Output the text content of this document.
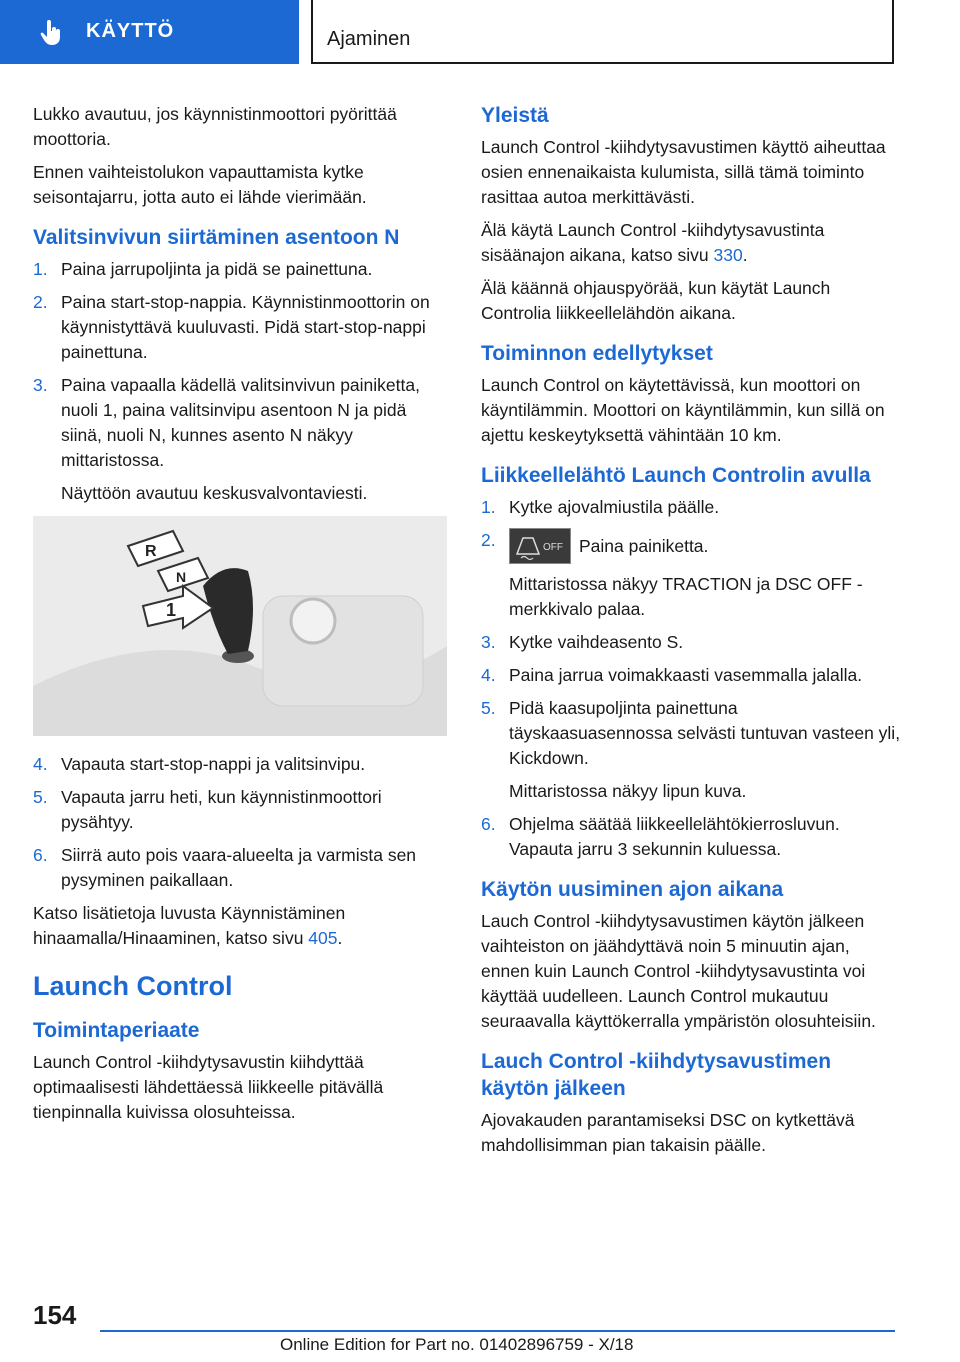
KÄYTTÖ	Ajaminen

Lukko avautuu, jos käynnistinmoottori pyörittää moottoria.

Ennen vaihteistolukon vapauttamista kytke seisontajarru, jotta auto ei lähde vierimään.

Valitsinvivun siirtäminen asentoon N
1. Paina jarrupoljinta ja pidä se painettuna.
2. Paina start-stop-nappia. Käynnistinmoottorin on käynnistyttävä kuuluvasti. Pidä start-stop-nappi painettuna.
3. Paina vapaalla kädellä valitsinvivun painiketta, nuoli 1, paina valitsinvipu asentoon N ja pidä siinä, nuoli N, kunnes asento N näkyy mittaristossa.
Näyttöön avautuu keskusvalvontaviesti.
R
N
1
4. Vapauta start-stop-nappi ja valitsinvipu.
5. Vapauta jarru heti, kun käynnistinmoottori pysähtyy.
6. Siirrä auto pois vaara-alueelta ja varmista sen pysyminen paikallaan.

Katso lisätietoja luvusta Käynnistäminen hinaamalla/Hinaaminen, katso sivu 405.

Launch Control
Toimintaperiaate

Launch Control -kiihdytysavustin kiihdyttää optimaalisesti lähdettäessä liikkeelle pitävällä tienpinnalla kuivissa olosuhteissa.

Yleistä

Launch Control -kiihdytysavustimen käyttö aiheuttaa osien ennenaikaista kulumista, sillä tämä toiminto rasittaa autoa merkittävästi.

Älä käytä Launch Control -kiihdytysavustinta sisäänajon aikana, katso sivu 330.

Älä käännä ohjauspyörää, kun käytät Launch Controlia liikkeellelähdön aikana.

Toiminnon edellytykset

Launch Control on käytettävissä, kun moottori on käyntilämmin. Moottori on käyntilämmin, kun sillä on ajettu keskeytyksettä vähintään 10 km.

Liikkeellelähtö Launch Controlin avulla
1. Kytke ajovalmiustila päälle.
2.	OFF Paina painiketta.
Mittaristossa näkyy TRACTION ja DSC OFF -merkkivalo palaa.
3. Kytke vaihdeasento S.
4. Paina jarrua voimakkaasti vasemmalla jalalla.
5. Pidä kaasupoljinta painettuna täyskaasuasennossa selvästi tuntuvan vasteen yli, Kickdown.
Mittaristossa näkyy lipun kuva.
6. Ohjelma säätää liikkeellelähtökierrosluvun. Vapauta jarru 3 sekunnin kuluessa.
Käytön uusiminen ajon aikana

Lauch Control -kiihdytysavustimen käytön jälkeen vaihteiston on jäähdyttävä noin 5 minuutin ajan, ennen kuin Launch Control -kiihdytysavustinta voi käyttää uudelleen. Launch Control mukautuu seuraavalla käyttökerralla ympäristön olosuhteisiin.

Lauch Control -kiihdytysavustimen käytön jälkeen

Ajovakauden parantamiseksi DSC on kytkettävä mahdollisimman pian takaisin päälle.

154
Online Edition for Part no. 01402896759 - X/18
